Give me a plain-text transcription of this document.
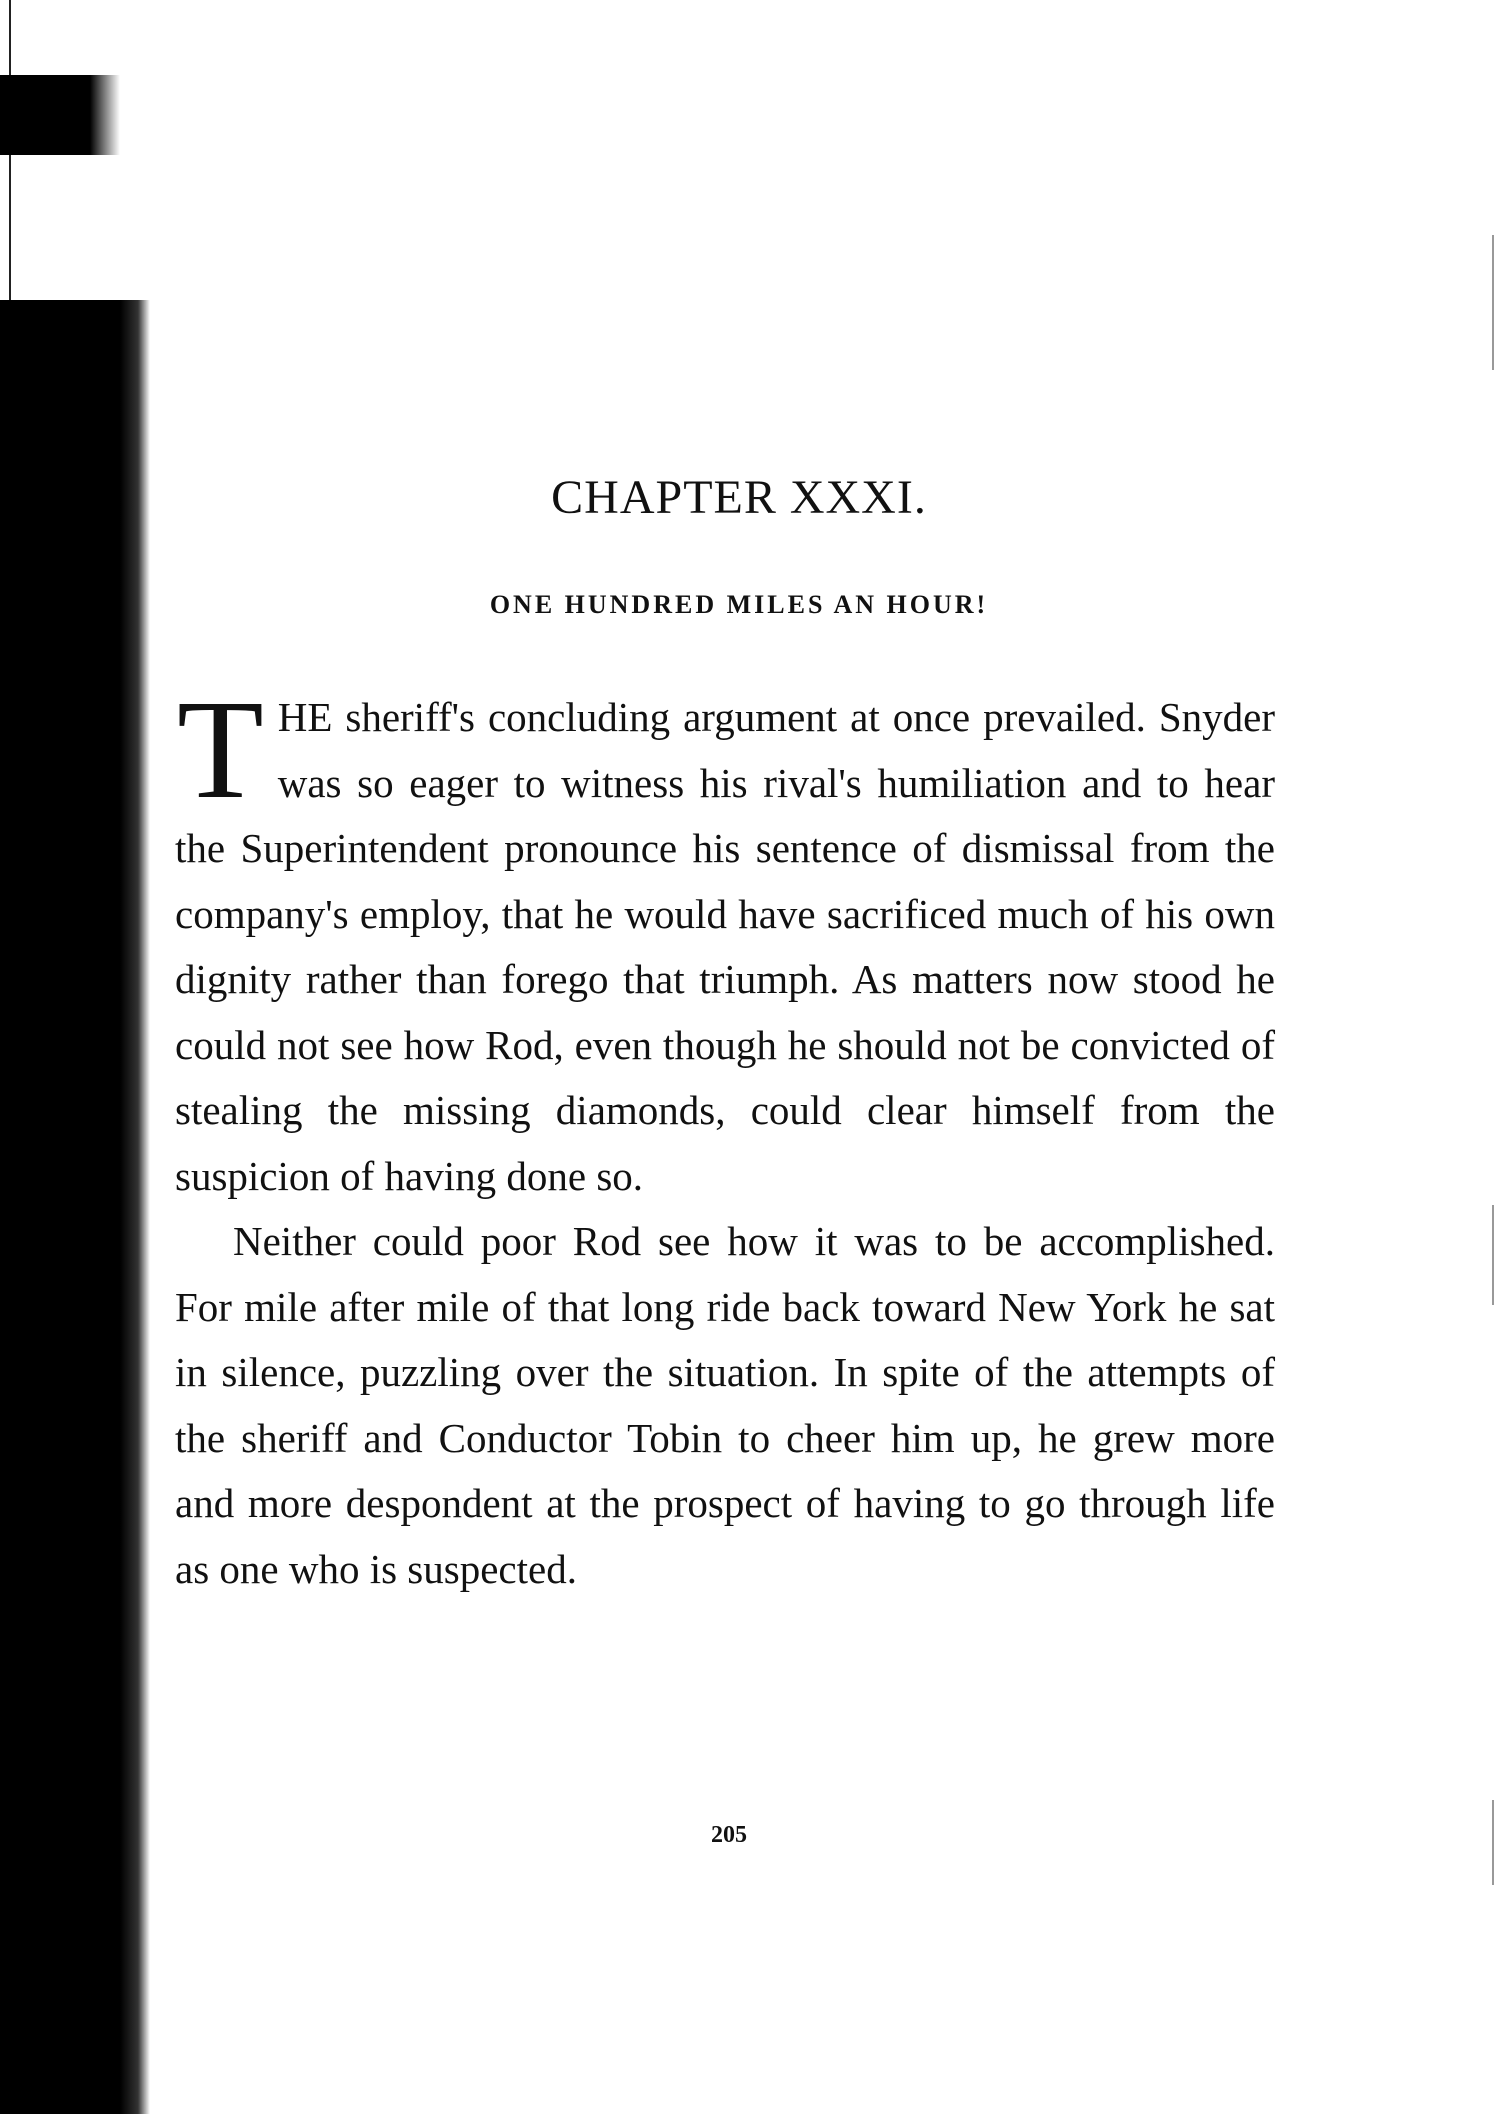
CHAPTER XXXI.
ONE HUNDRED MILES AN HOUR!

THE sheriff's concluding argument at once prevailed. Snyder was so eager to witness his rival's humiliation and to hear the Superintendent pronounce his sentence of dismissal from the company's employ, that he would have sacrificed much of his own dignity rather than forego that triumph. As matters now stood he could not see how Rod, even though he should not be convicted of stealing the missing diamonds, could clear himself from the suspicion of having done so.

Neither could poor Rod see how it was to be accomplished. For mile after mile of that long ride back toward New York he sat in silence, puzzling over the situation. In spite of the attempts of the sheriff and Conductor Tobin to cheer him up, he grew more and more despondent at the prospect of having to go through life as one who is suspected.

205
